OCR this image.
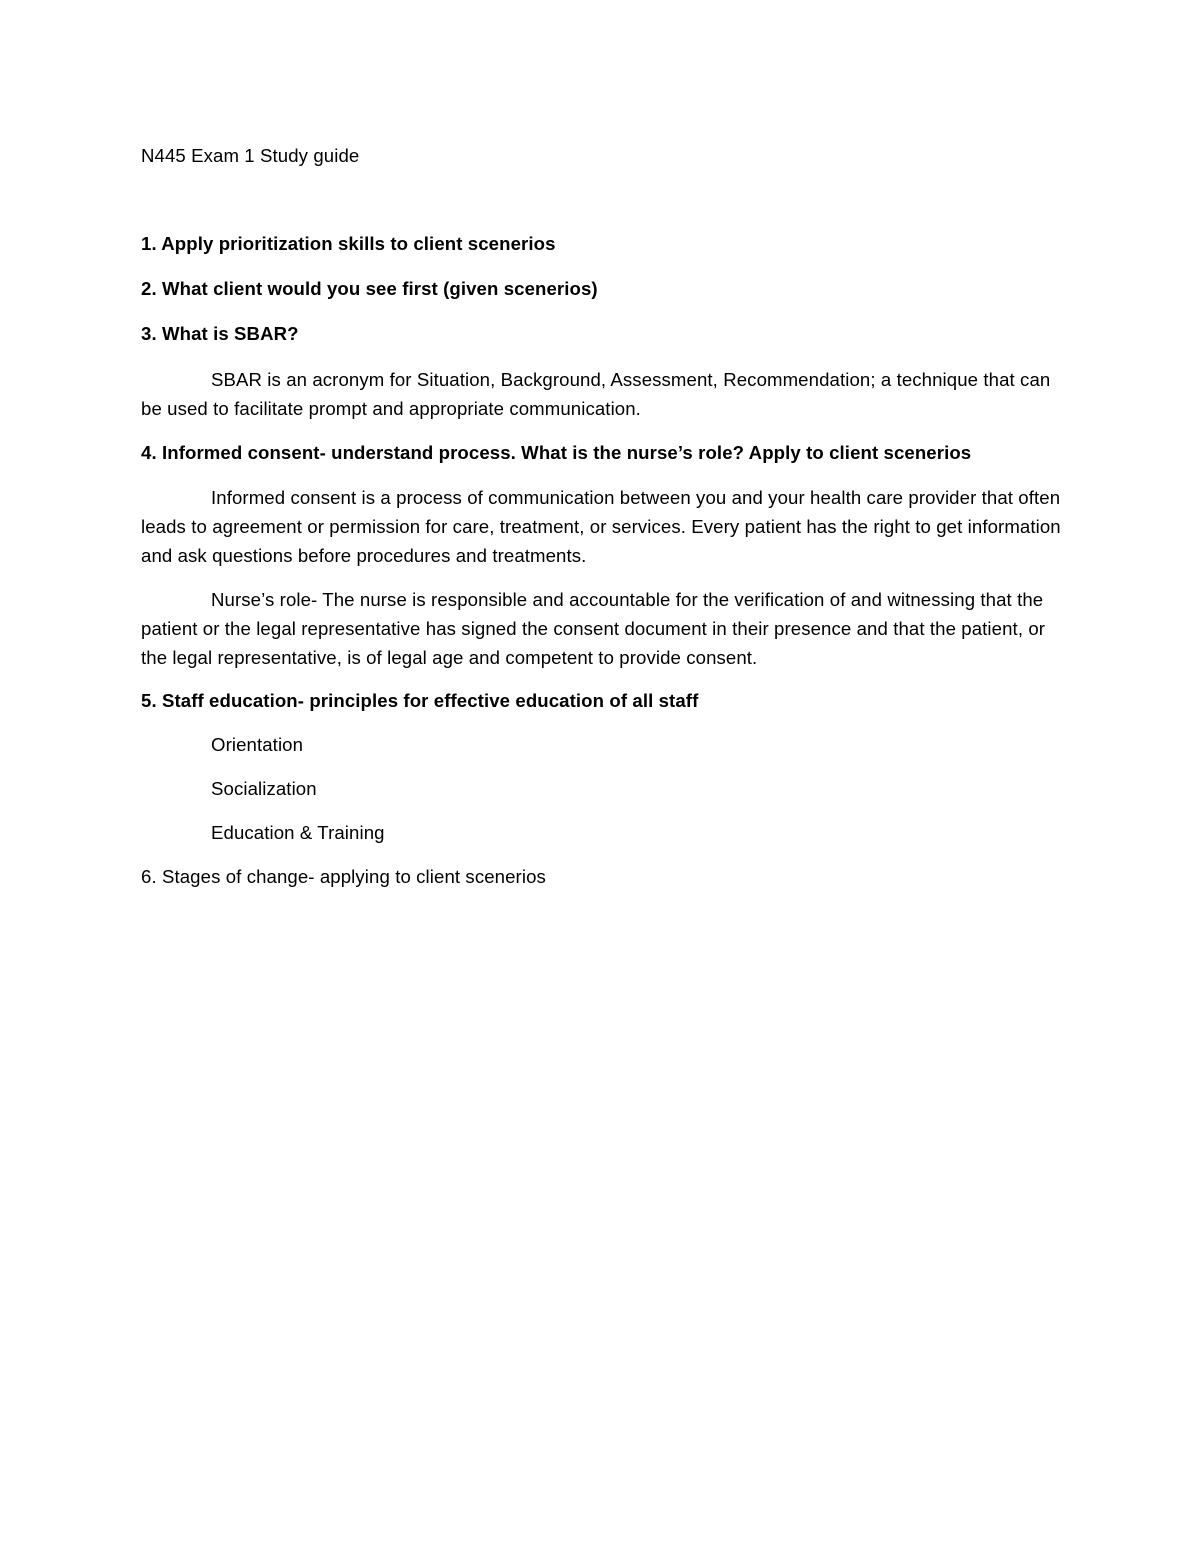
N445 Exam 1 Study guide

1. Apply prioritization skills to client scenerios

2. What client would you see first (given scenerios)

3. What is SBAR?

SBAR is an acronym for Situation, Background, Assessment, Recommendation; a technique that can be used to facilitate prompt and appropriate communication.

4. Informed consent- understand process. What is the nurse’s role? Apply to client scenerios

Informed consent is a process of communication between you and your health care provider that often leads to agreement or permission for care, treatment, or services. Every patient has the right to get information and ask questions before procedures and treatments.

Nurse’s role- The nurse is responsible and accountable for the verification of and witnessing that the patient or the legal representative has signed the consent document in their presence and that the patient, or the legal representative, is of legal age and competent to provide consent.

5. Staff education- principles for effective education of all staff

Orientation

Socialization

Education & Training

6. Stages of change- applying to client scenerios
